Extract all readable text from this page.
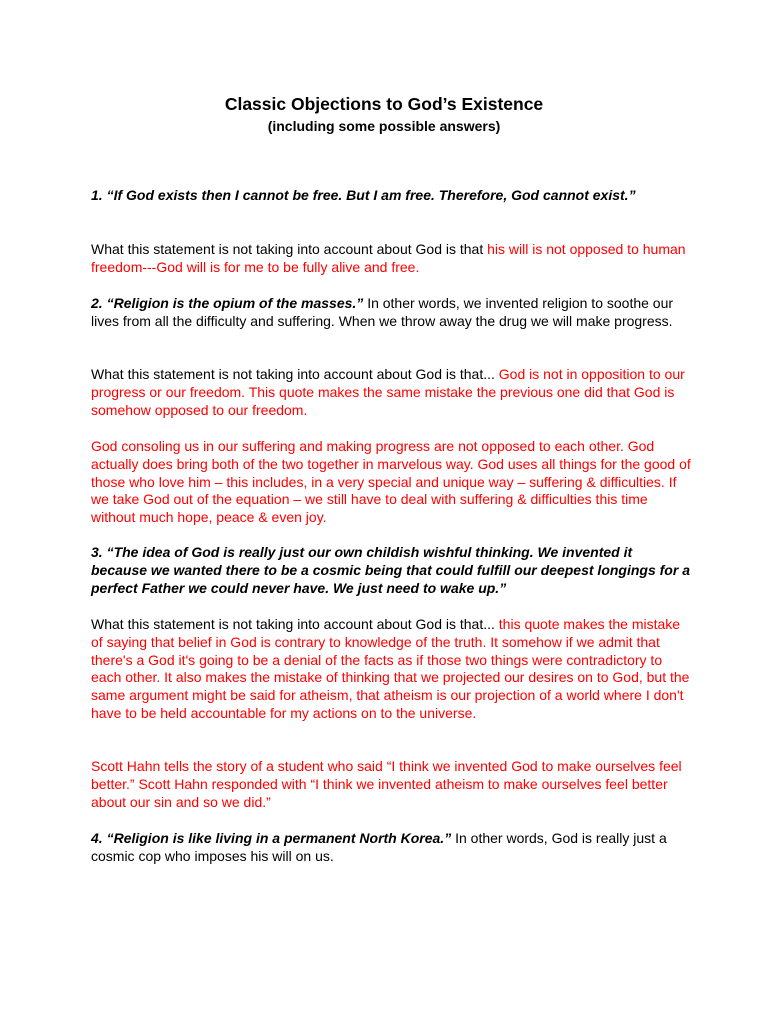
Classic Objections to God’s Existence
(including some possible answers)

1. “If God exists then I cannot be free. But I am free. Therefore, God cannot exist.”

What this statement is not taking into account about God is that his will is not opposed to human freedom---God will is for me to be fully alive and free.

2. “Religion is the opium of the masses.” In other words, we invented religion to soothe our lives from all the difficulty and suffering. When we throw away the drug we will make progress.

What this statement is not taking into account about God is that... God is not in opposition to our progress or our freedom. This quote makes the same mistake the previous one did that God is somehow opposed to our freedom.

God consoling us in our suffering and making progress are not opposed to each other. God actually does bring both of the two together in marvelous way. God uses all things for the good of those who love him – this includes, in a very special and unique way – suffering & difficulties. If we take God out of the equation – we still have to deal with suffering & difficulties this time without much hope, peace & even joy.

3. “The idea of God is really just our own childish wishful thinking. We invented it because we wanted there to be a cosmic being that could fulfill our deepest longings for a perfect Father we could never have. We just need to wake up.”

What this statement is not taking into account about God is that... this quote makes the mistake of saying that belief in God is contrary to knowledge of the truth. It somehow if we admit that there's a God it's going to be a denial of the facts as if those two things were contradictory to each other. It also makes the mistake of thinking that we projected our desires on to God, but the same argument might be said for atheism, that atheism is our projection of a world where I don't have to be held accountable for my actions on to the universe.

Scott Hahn tells the story of a student who said “I think we invented God to make ourselves feel better.” Scott Hahn responded with “I think we invented atheism to make ourselves feel better about our sin and so we did.”

4. “Religion is like living in a permanent North Korea.” In other words, God is really just a cosmic cop who imposes his will on us.
